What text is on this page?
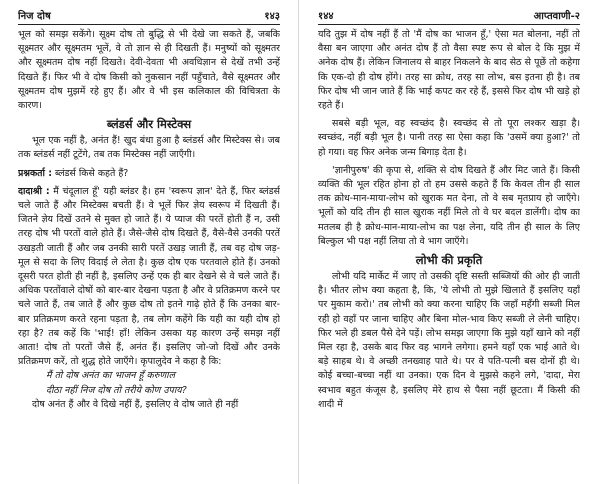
निज दोष	१४३

भूल को समझ सकेंगे। सूक्ष्म दोष तो बुद्धि से भी देखे जा सकते हैं, जबकि सूक्ष्मतर और सूक्ष्मतम भूलें, वे तो ज्ञान से ही दिखती हैं। मनुष्यों को सूक्ष्मतर और सूक्ष्मतम दोष नहीं दिखते। देवी-देवता भी अवधिज्ञान से देखें तभी उन्हें दिखते हैं। फिर भी वे दोष किसी को नुकसान नहीं पहुँचाते, वैसे सूक्ष्मतर और सूक्ष्मतम दोष मुझमें रहे हुए हैं। और वे भी इस कलिकाल की विचित्रता के कारण।

ब्लंडर्स और मिस्टेक्स

भूल एक नहीं है, अनंत हैं! खुद बंधा हुआ है ब्लंडर्स और मिस्टेक्स से। जब तक ब्लंडर्स नहीं टूटेंगे, तब तक मिस्टेक्स नहीं जाएँगी।

प्रश्नकर्ता : ब्लंडर्स किसे कहते हैं?

दादाश्री : मैं चंदूलाल हूँ' यही ब्लंडर है। हम 'स्वरूप ज्ञान' देते हैं, फिर ब्लंडर्स चले जाते हैं और मिस्टेक्स बचती हैं। वे भूलें फिर ज्ञेय स्वरूप में दिखती हैं। जितने ज्ञेय दिखें उतने से मुक्त हो जाते हैं। ये प्याज की परतें होती हैं न, उसी तरह दोष भी परतों वाले होते हैं। जैसे-जैसे दोष दिखते हैं, वैसे-वैसे उनकी परतें उखड़ती जाती हैं और जब उनकी सारी परतें उखड़ जाती हैं, तब वह दोष जड़-मूल से सदा के लिए विदाई ले लेता है। कुछ दोष एक परतवाले होते हैं। उनको दूसरी परत होती ही नहीं है, इसलिए उन्हें एक ही बार देखने से वे चले जाते हैं। अधिक परतोंवाले दोषों को बार-बार देखना पड़ता है और वे प्रतिक्रमण करने पर चले जाते हैं, तब जाते हैं और कुछ दोष तो इतने गाढ़े होते हैं कि उनका बार-बार प्रतिक्रमण करते रहना पड़ता है, तब लोग कहेंगे कि यही का यही दोष हो रहा है? तब कहें कि 'भाई! हाँ! लेकिन उसका यह कारण उन्हें समझ नहीं आता! दोष तो परतों जैसे हैं, अनंत हैं। इसलिए जो-जो दिखें और उनके प्रतिक्रमण करें, तो शुद्ध होते जाएँगे। कृपालुदेव ने कहा है कि:

मैं तो दोष अनंत का भाजन हूँ करुणाल

दीठा नहीं निज दोष तो तरीये कोण उपाय?

दोष अनंत हैं और वे दिखे नहीं हैं, इसलिए वे दोष जाते ही नहीं

१४४	आप्तवाणी-२

यदि तुझ में दोष नहीं हैं तो 'मैं दोष का भाजन हूँ,' ऐसा मत बोलना, नहीं तो वैसा बन जाएगा और अनंत दोष हैं तो वैसा स्पष्ट रूप से बोल दे कि मुझ में अनेक दोष हैं। लेकिन जिनालय से बाहर निकलने के बाद सेठ से पूछें तो कहेगा कि एक-दो ही दोष होंगे। तरह सा क्रोध, तरह सा लोभ, बस इतना ही है। तब फिर दोष भी जान जाते हैं कि भाई कपट कर रहे हैं, इससे फिर दोष भी खड़े हो रहते हैं।

सबसे बड़ी भूल, वह स्वच्छंद है। स्वच्छंद से तो पूरा लश्कर खड़ा है। स्वच्छंद, नहीं बड़ी भूल है। पानी तरह सा ऐसा कहा कि 'उसमें क्या हुआ?' तो हो गया। वह फिर अनेक जन्म बिगाड़ देता है।

'ज्ञानीपुरुष' की कृपा से, शक्ति से दोष दिखते हैं और मिट जाते हैं। किसी व्यक्ति की भूल रहित होना हो तो हम उससे कहते हैं कि केवल तीन ही साल तक क्रोध-मान-माया-लोभ को खुराक मत देना, तो वे सब मृतप्राय हो जाएँगे। भूलों को यदि तीन ही साल खुराक नहीं मिले तो वे घर बदल डालेंगी। दोष का मतलब ही है क्रोध-मान-माया-लोभ का पक्ष लेना, यदि तीन ही साल के लिए बिल्कुल भी पक्ष नहीं लिया तो वे भाग जाएँगे।

लोभी की प्रकृति

लोभी यदि मार्केट में जाए तो उसकी दृष्टि सस्ती सब्जियों की ओर ही जाती है। भीतर लोभ क्या कहता है, कि, 'ये लोभी तो मुझे खिलाते हैं इसलिए यहाँ पर मुकाम करो।' तब लोभी को क्या करना चाहिए कि जहाँ महँगी सब्जी मिल रही हो वहाँ पर जाना चाहिए और बिना मोल-भाव किए सब्जी ले लेनी चाहिए। फिर भले ही डबल पैसे देने पड़ें। लोभ समझ जाएगा कि मुझे यहाँ खाने को नहीं मिल रहा है, उसके बाद फिर वह भागने लगेगा। हमने यहाँ एक भाई आते थे। बड़े साहब थे। वे अच्छी तनख्वाह पाते थे। पर वे पति-पत्नी बस दोनों ही थे। कोई बच्चा-बच्चा नहीं था उनका। एक दिन वे मुझसे कहने लगे, 'दादा, मेरा स्वभाव बहुत कंजूस है, इसलिए मेरे हाथ से पैसा नहीं छूटता। मैं किसी की शादी में
